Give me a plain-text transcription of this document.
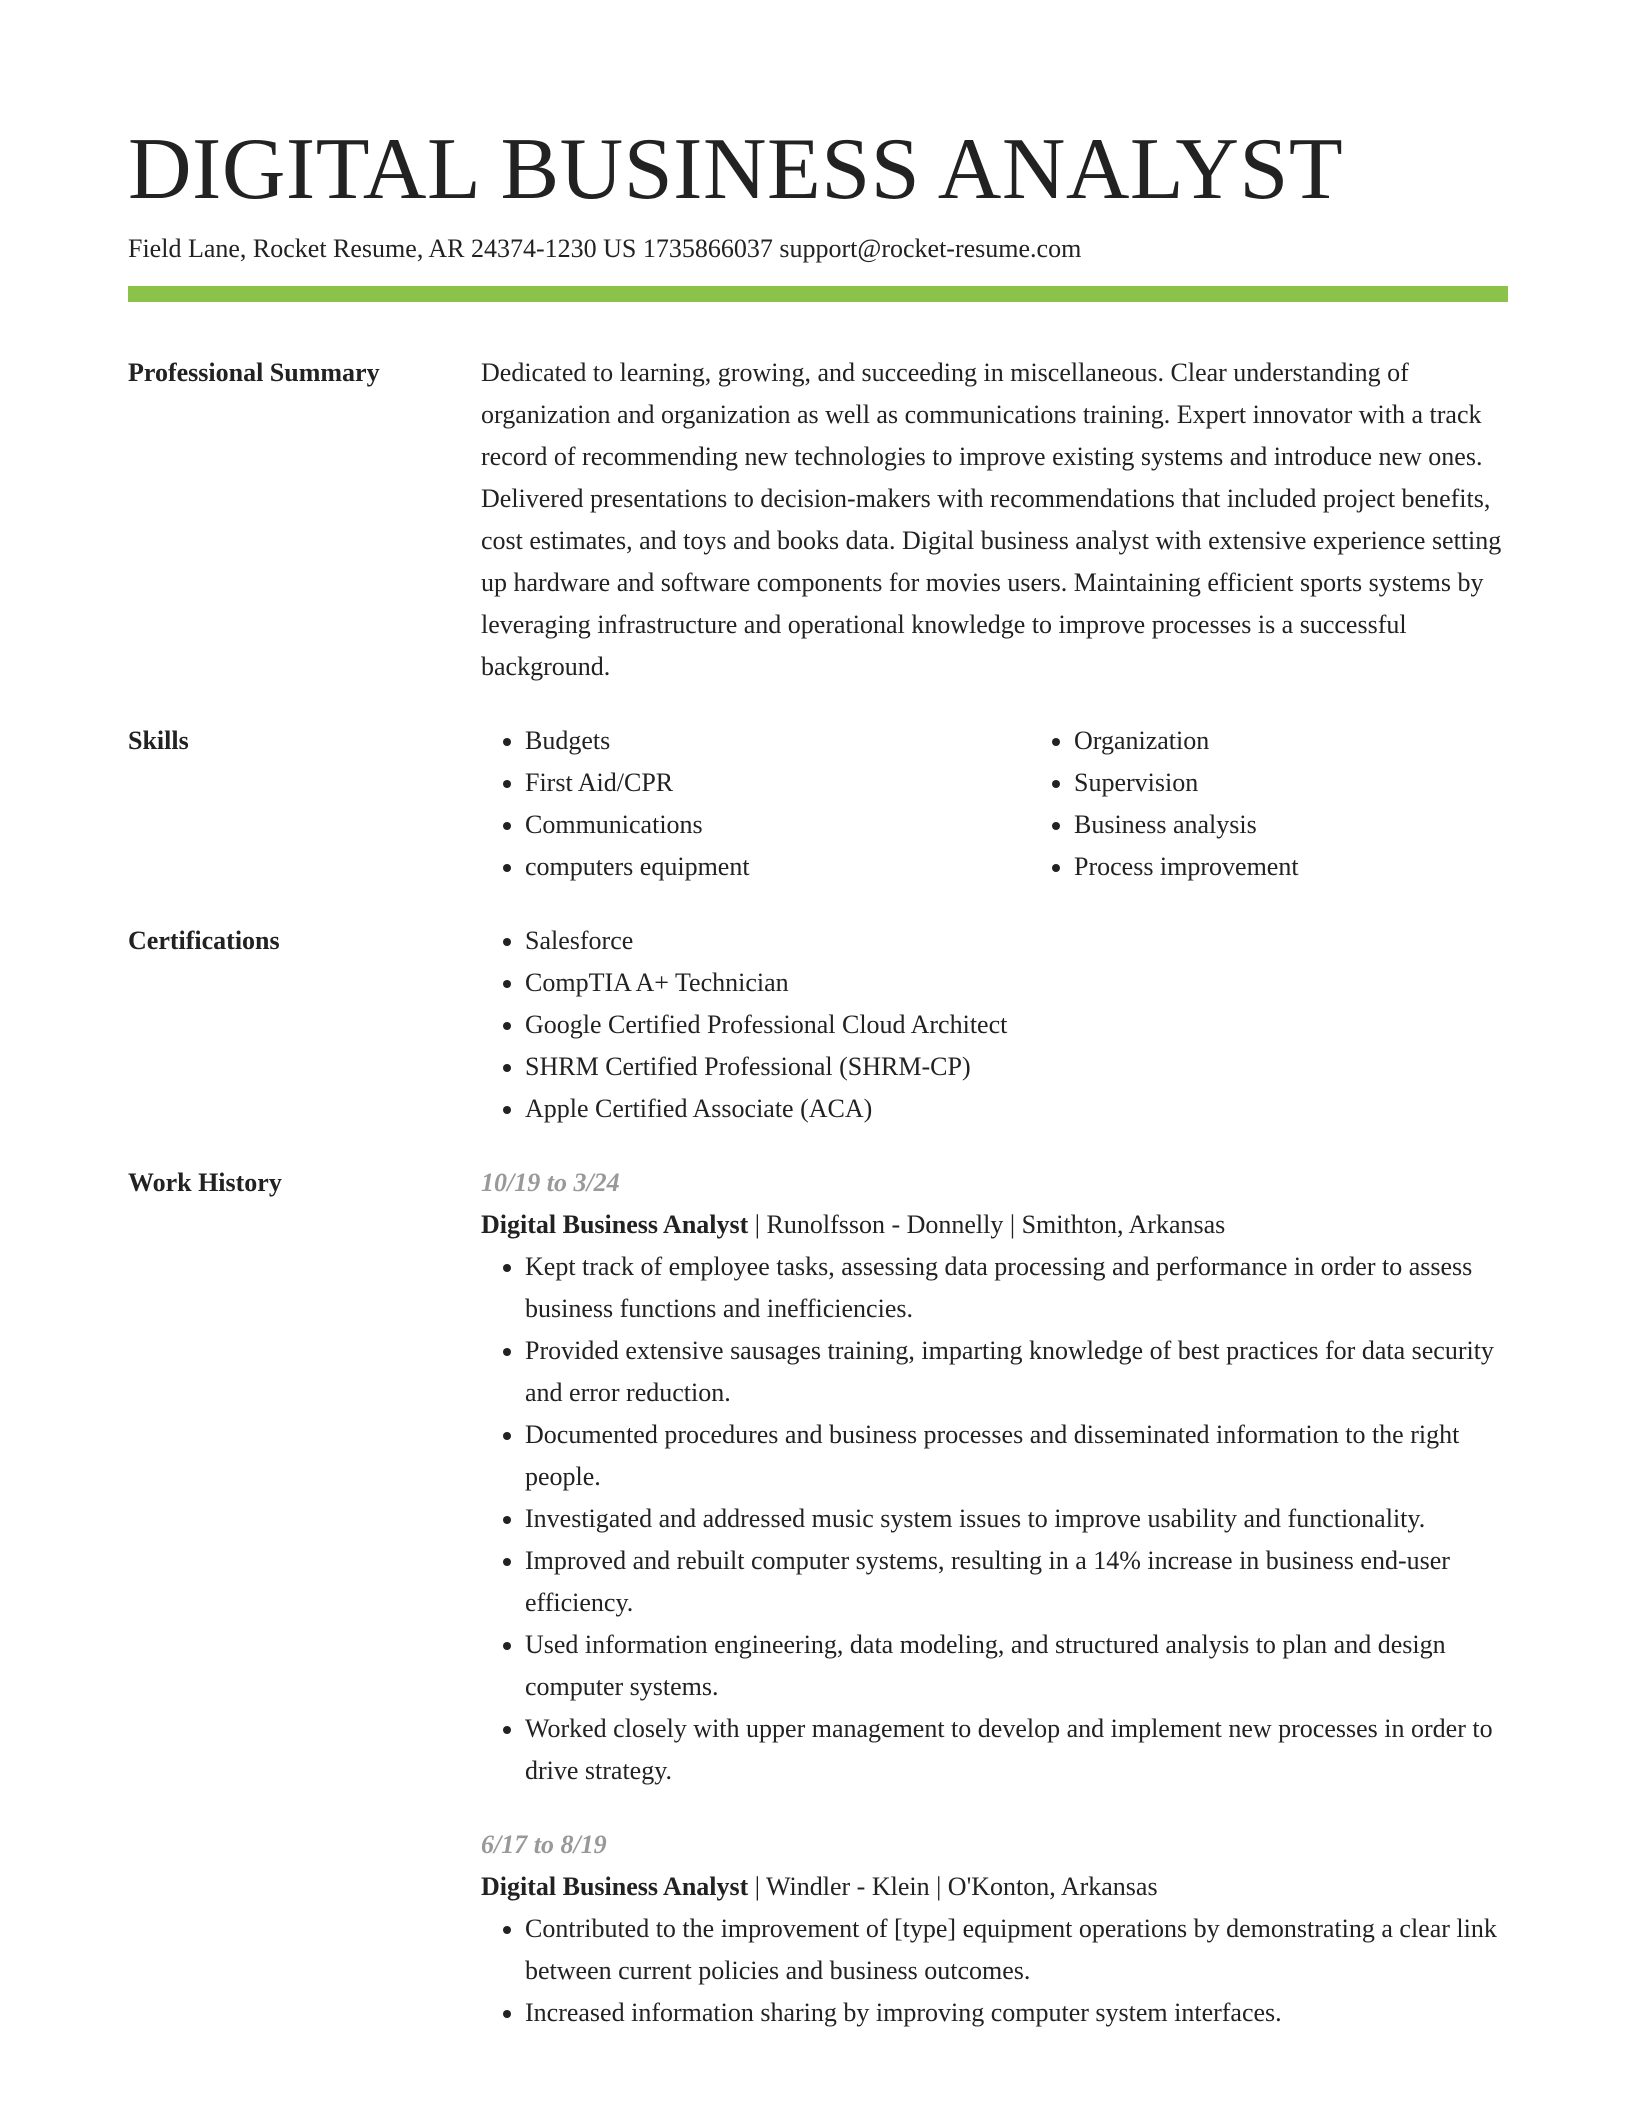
DIGITAL BUSINESS ANALYST
Field Lane, Rocket Resume, AR 24374-1230 US 1735866037 support@rocket-resume.com
Professional Summary	Dedicated to learning, growing, and succeeding in miscellaneous. Clear understanding of organization and organization as well as communications training. Expert innovator with a track record of recommending new technologies to improve existing systems and introduce new ones. Delivered presentations to decision-makers with recommendations that included project benefits, cost estimates, and toys and books data. Digital business analyst with extensive experience setting up hardware and software components for movies users. Maintaining efficient sports systems by leveraging infrastructure and operational knowledge to improve processes is a successful background.
Skills	• Budgets
• First Aid/CPR
• Communications
• computers equipment
• Organization
• Supervision
• Business analysis
• Process improvement
Certifications	• Salesforce
• CompTIA A+ Technician
• Google Certified Professional Cloud Architect
• SHRM Certified Professional (SHRM-CP)
• Apple Certified Associate (ACA)
Work History	10/19 to 3/24
Digital Business Analyst | Runolfsson - Donnelly | Smithton, Arkansas
• Kept track of employee tasks, assessing data processing and performance in order to assess business functions and inefficiencies.
• Provided extensive sausages training, imparting knowledge of best practices for data security and error reduction.
• Documented procedures and business processes and disseminated information to the right people.
• Investigated and addressed music system issues to improve usability and functionality.
• Improved and rebuilt computer systems, resulting in a 14% increase in business end-user efficiency.
• Used information engineering, data modeling, and structured analysis to plan and design computer systems.
• Worked closely with upper management to develop and implement new processes in order to drive strategy.
6/17 to 8/19
Digital Business Analyst | Windler - Klein | O'Konton, Arkansas
• Contributed to the improvement of [type] equipment operations by demonstrating a clear link between current policies and business outcomes.
• Increased information sharing by improving computer system interfaces.
